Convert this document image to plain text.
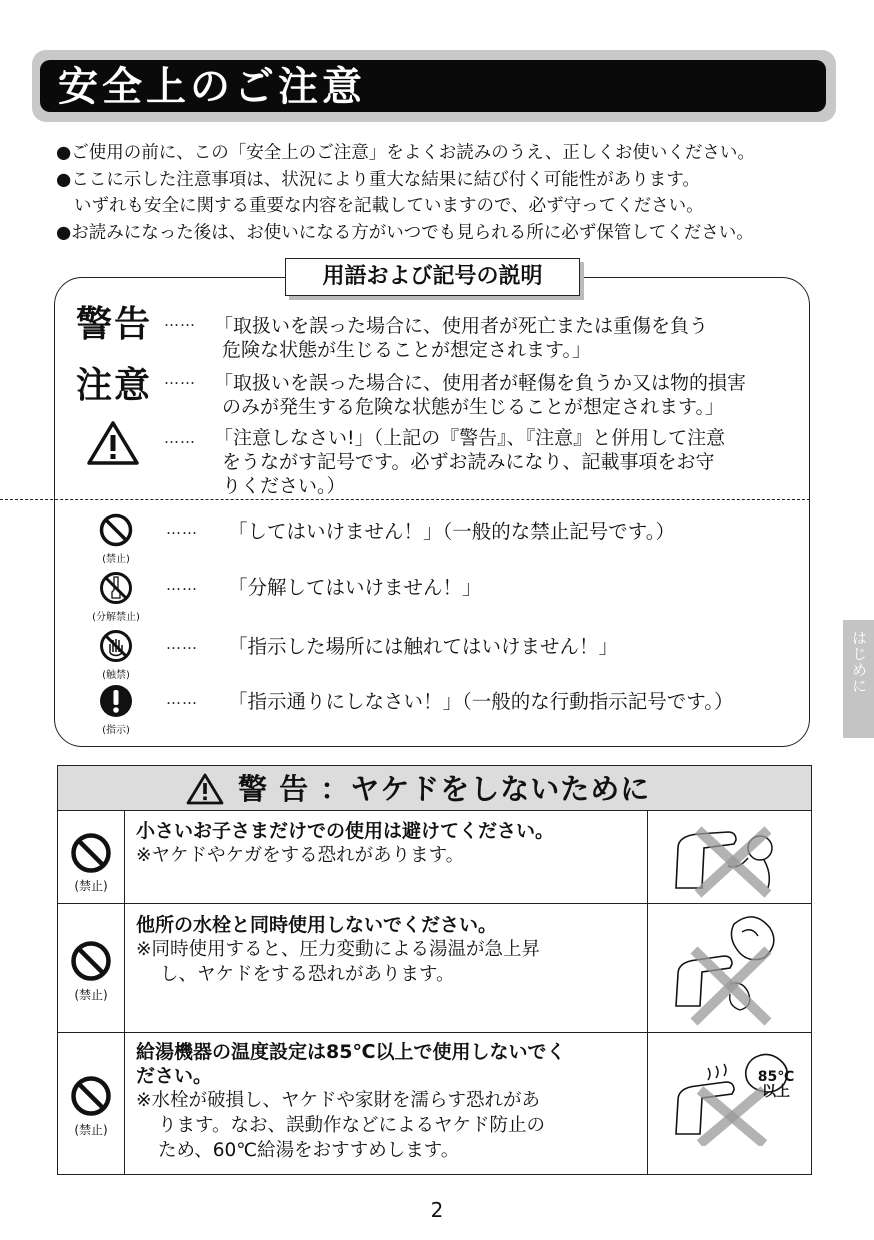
安全上のご注意
●ご使用の前に、この「安全上のご注意」をよくお読みのうえ、正しくお使いください。
●ここに示した注意事項は、状況により重大な結果に結び付く可能性があります。
いずれも安全に関する重要な内容を記載していますので、必ず守ってください。
●お読みになった後は、お使いになる方がいつでも見られる所に必ず保管してください。
用語および記号の説明
警告 …… 「取扱いを誤った場合に、使用者が死亡または重傷を負う
危険な状態が生じることが想定されます。」
注意 …… 「取扱いを誤った場合に、使用者が軽傷を負うか又は物的損害
のみが発生する危険な状態が生じることが想定されます。」
…… 「注意しなさい!」（上記の『警告』、『注意』と併用して注意
をうながす記号です。必ずお読みになり、記載事項をお守
りください。）
(禁止)
…… 「してはいけません！」（一般的な禁止記号です。）
(分解禁止)
…… 「分解してはいけません！」
(触禁)
…… 「指示した場所には触れてはいけません！」
(指示)
…… 「指示通りにしなさい！」（一般的な行動指示記号です。）
はじめに
警 告 ：ヤケドをしないために
(禁止)
小さいお子さまだけでの使用は避けてください。
※ヤケドやケガをする恐れがあります。
(禁止)
他所の水栓と同時使用しないでください。
※同時使用すると、圧力変動による湯温が急上昇
し、ヤケドをする恐れがあります。
(禁止)
給湯機器の温度設定は85℃以上で使用しないでく
ださい。
※水栓が破損し、ヤケドや家財を濡らす恐れがあ
ります。なお、誤動作などによるヤケド防止の
ため、60℃給湯をおすすめします。
85℃
以上
2
